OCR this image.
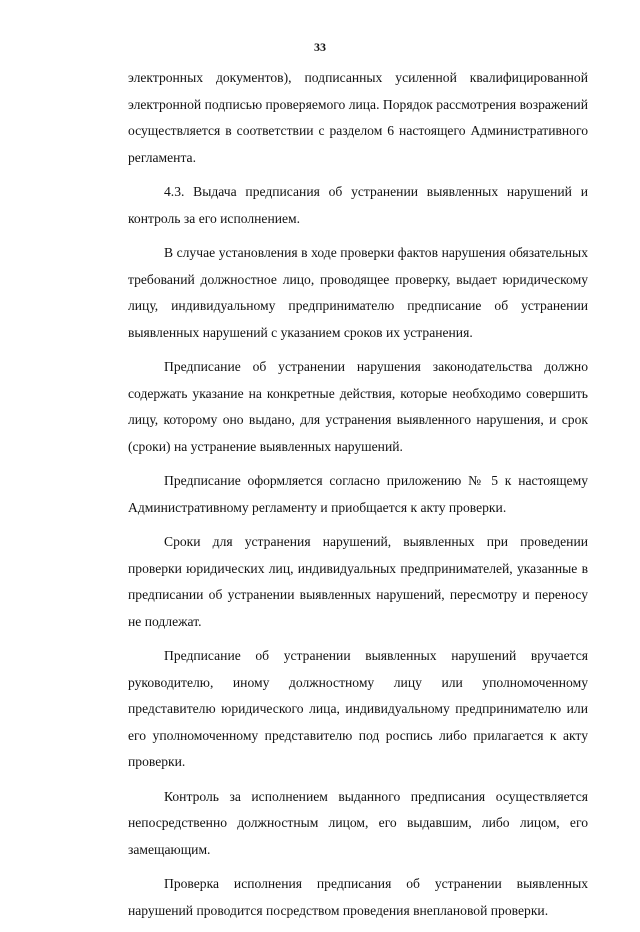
33

электронных документов), подписанных усиленной квалифицированной электронной подписью проверяемого лица. Порядок рассмотрения возражений осуществляется в соответствии с разделом 6 настоящего Административного регламента.

4.3. Выдача предписания об устранении выявленных нарушений и контроль за его исполнением.

В случае установления в ходе проверки фактов нарушения обязательных требований должностное лицо, проводящее проверку, выдает юридическому лицу, индивидуальному предпринимателю предписание об устранении выявленных нарушений с указанием сроков их устранения.

Предписание об устранении нарушения законодательства должно содержать указание на конкретные действия, которые необходимо совершить лицу, которому оно выдано, для устранения выявленного нарушения, и срок (сроки) на устранение выявленных нарушений.

Предписание оформляется согласно приложению № 5 к настоящему Административному регламенту и приобщается к акту проверки.

Сроки для устранения нарушений, выявленных при проведении проверки юридических лиц, индивидуальных предпринимателей, указанные в предписании об устранении выявленных нарушений, пересмотру и переносу не подлежат.

Предписание об устранении выявленных нарушений вручается руководителю, иному должностному лицу или уполномоченному представителю юридического лица, индивидуальному предпринимателю или его уполномоченному представителю под роспись либо прилагается к акту проверки.

Контроль за исполнением выданного предписания осуществляется непосредственно должностным лицом, его выдавшим, либо лицом, его замещающим.

Проверка исполнения предписания об устранении выявленных нарушений проводится посредством проведения внеплановой проверки.
